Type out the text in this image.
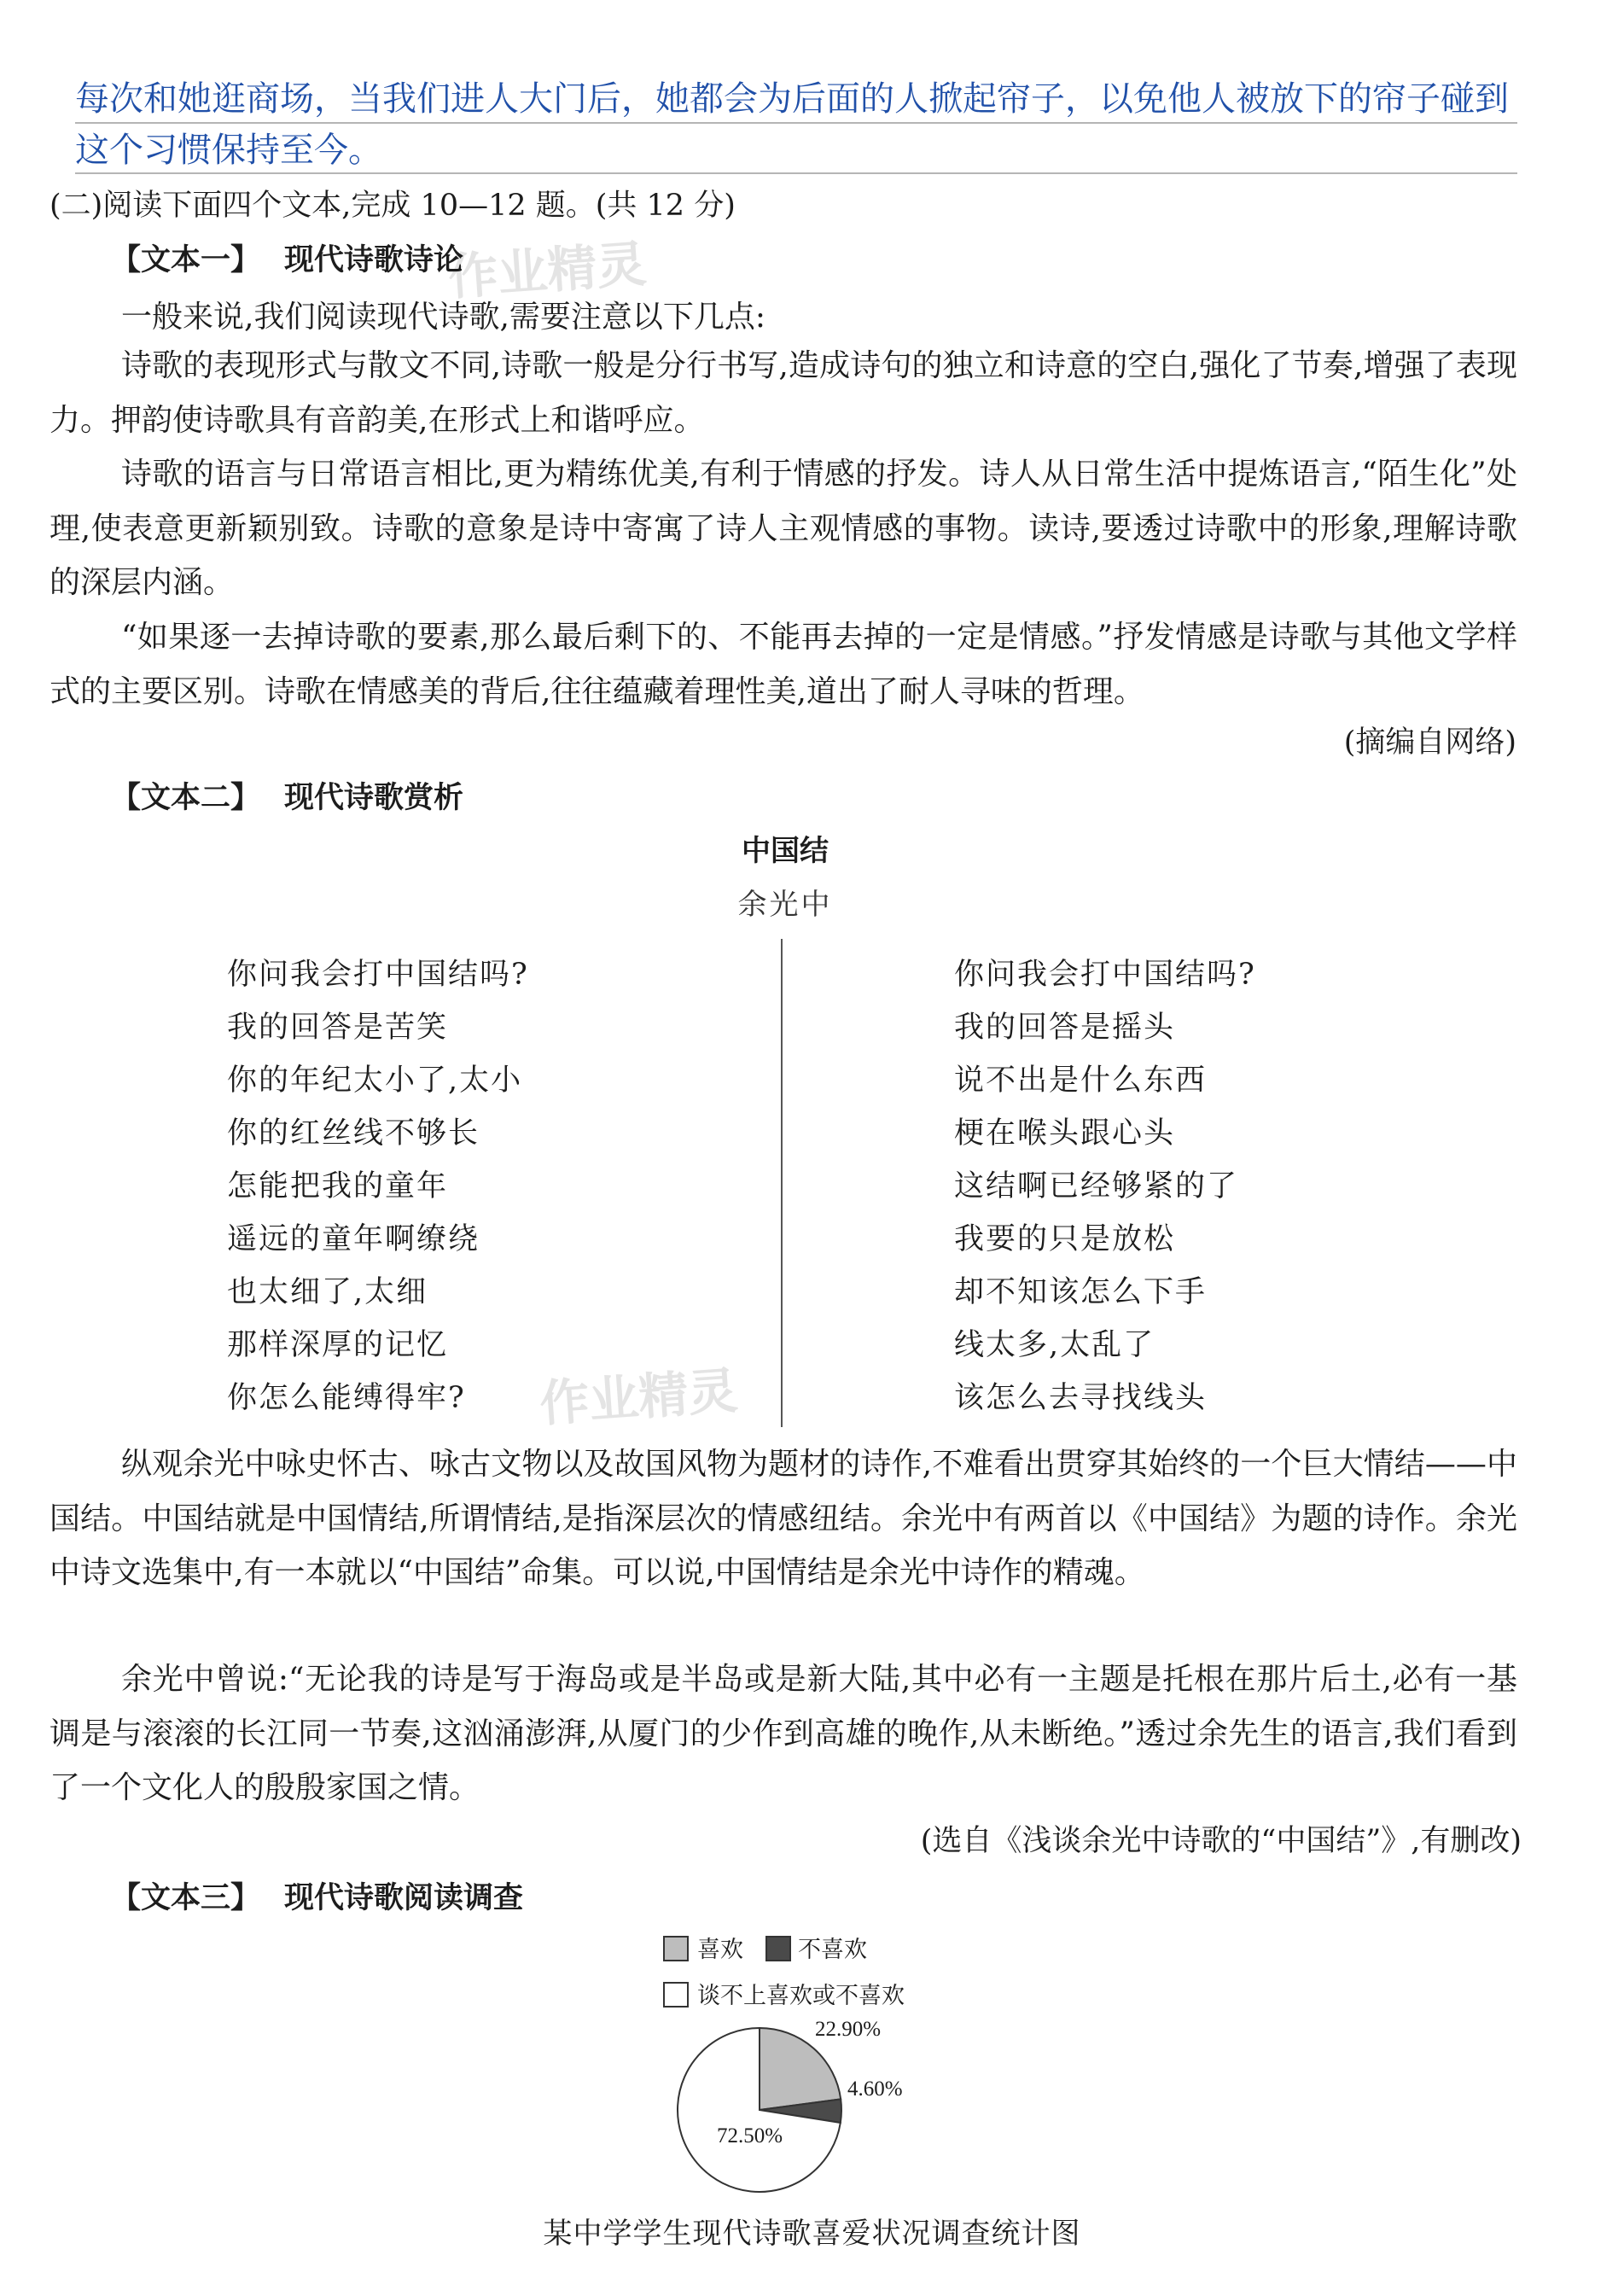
每次和她逛商场，当我们进人大门后，她都会为后面的人掀起帘子，以免他人被放下的帘子碰到
这个习惯保持至今。
(二)阅读下面四个文本,完成 10—12 题。(共 12 分)
作业精灵
作业精灵
【文本一】 现代诗歌诗论

一般来说,我们阅读现代诗歌,需要注意以下几点:

诗歌的表现形式与散文不同,诗歌一般是分行书写,造成诗句的独立和诗意的空白,强化了节奏,增强了表现力。押韵使诗歌具有音韵美,在形式上和谐呼应。

诗歌的语言与日常语言相比,更为精练优美,有利于情感的抒发。诗人从日常生活中提炼语言,“陌生化”处理,使表意更新颖别致。诗歌的意象是诗中寄寓了诗人主观情感的事物。读诗,要透过诗歌中的形象,理解诗歌的深层内涵。

“如果逐一去掉诗歌的要素,那么最后剩下的、不能再去掉的一定是情感。”抒发情感是诗歌与其他文学样式的主要区别。诗歌在情感美的背后,往往蕴藏着理性美,道出了耐人寻味的哲理。

(摘编自网络)
【文本二】 现代诗歌赏析
中国结
余光中
你问我会打中国结吗?
我的回答是苦笑
你的年纪太小了,太小
你的红丝线不够长
怎能把我的童年
遥远的童年啊缭绕
也太细了,太细
那样深厚的记忆
你怎么能缚得牢?
你问我会打中国结吗?
我的回答是摇头
说不出是什么东西
梗在喉头跟心头
这结啊已经够紧的了
我要的只是放松
却不知该怎么下手
线太多,太乱了
该怎么去寻找线头

纵观余光中咏史怀古、咏古文物以及故国风物为题材的诗作,不难看出贯穿其始终的一个巨大情结——中国结。中国结就是中国情结,所谓情结,是指深层次的情感纽结。余光中有两首以《中国结》为题的诗作。余光中诗文选集中,有一本就以“中国结”命集。可以说,中国情结是余光中诗作的精魂。

余光中曾说:“无论我的诗是写于海岛或是半岛或是新大陆,其中必有一主题是托根在那片后土,必有一基调是与滚滚的长江同一节奏,这汹涌澎湃,从厦门的少作到高雄的晚作,从未断绝。”透过余先生的语言,我们看到了一个文化人的殷殷家国之情。

(选自《浅谈余光中诗歌的“中国结”》,有删改)
【文本三】 现代诗歌阅读调查
喜欢 不喜欢
谈不上喜欢或不喜欢
22.90%
4.60%
72.50%
某中学学生现代诗歌喜爱状况调查统计图
